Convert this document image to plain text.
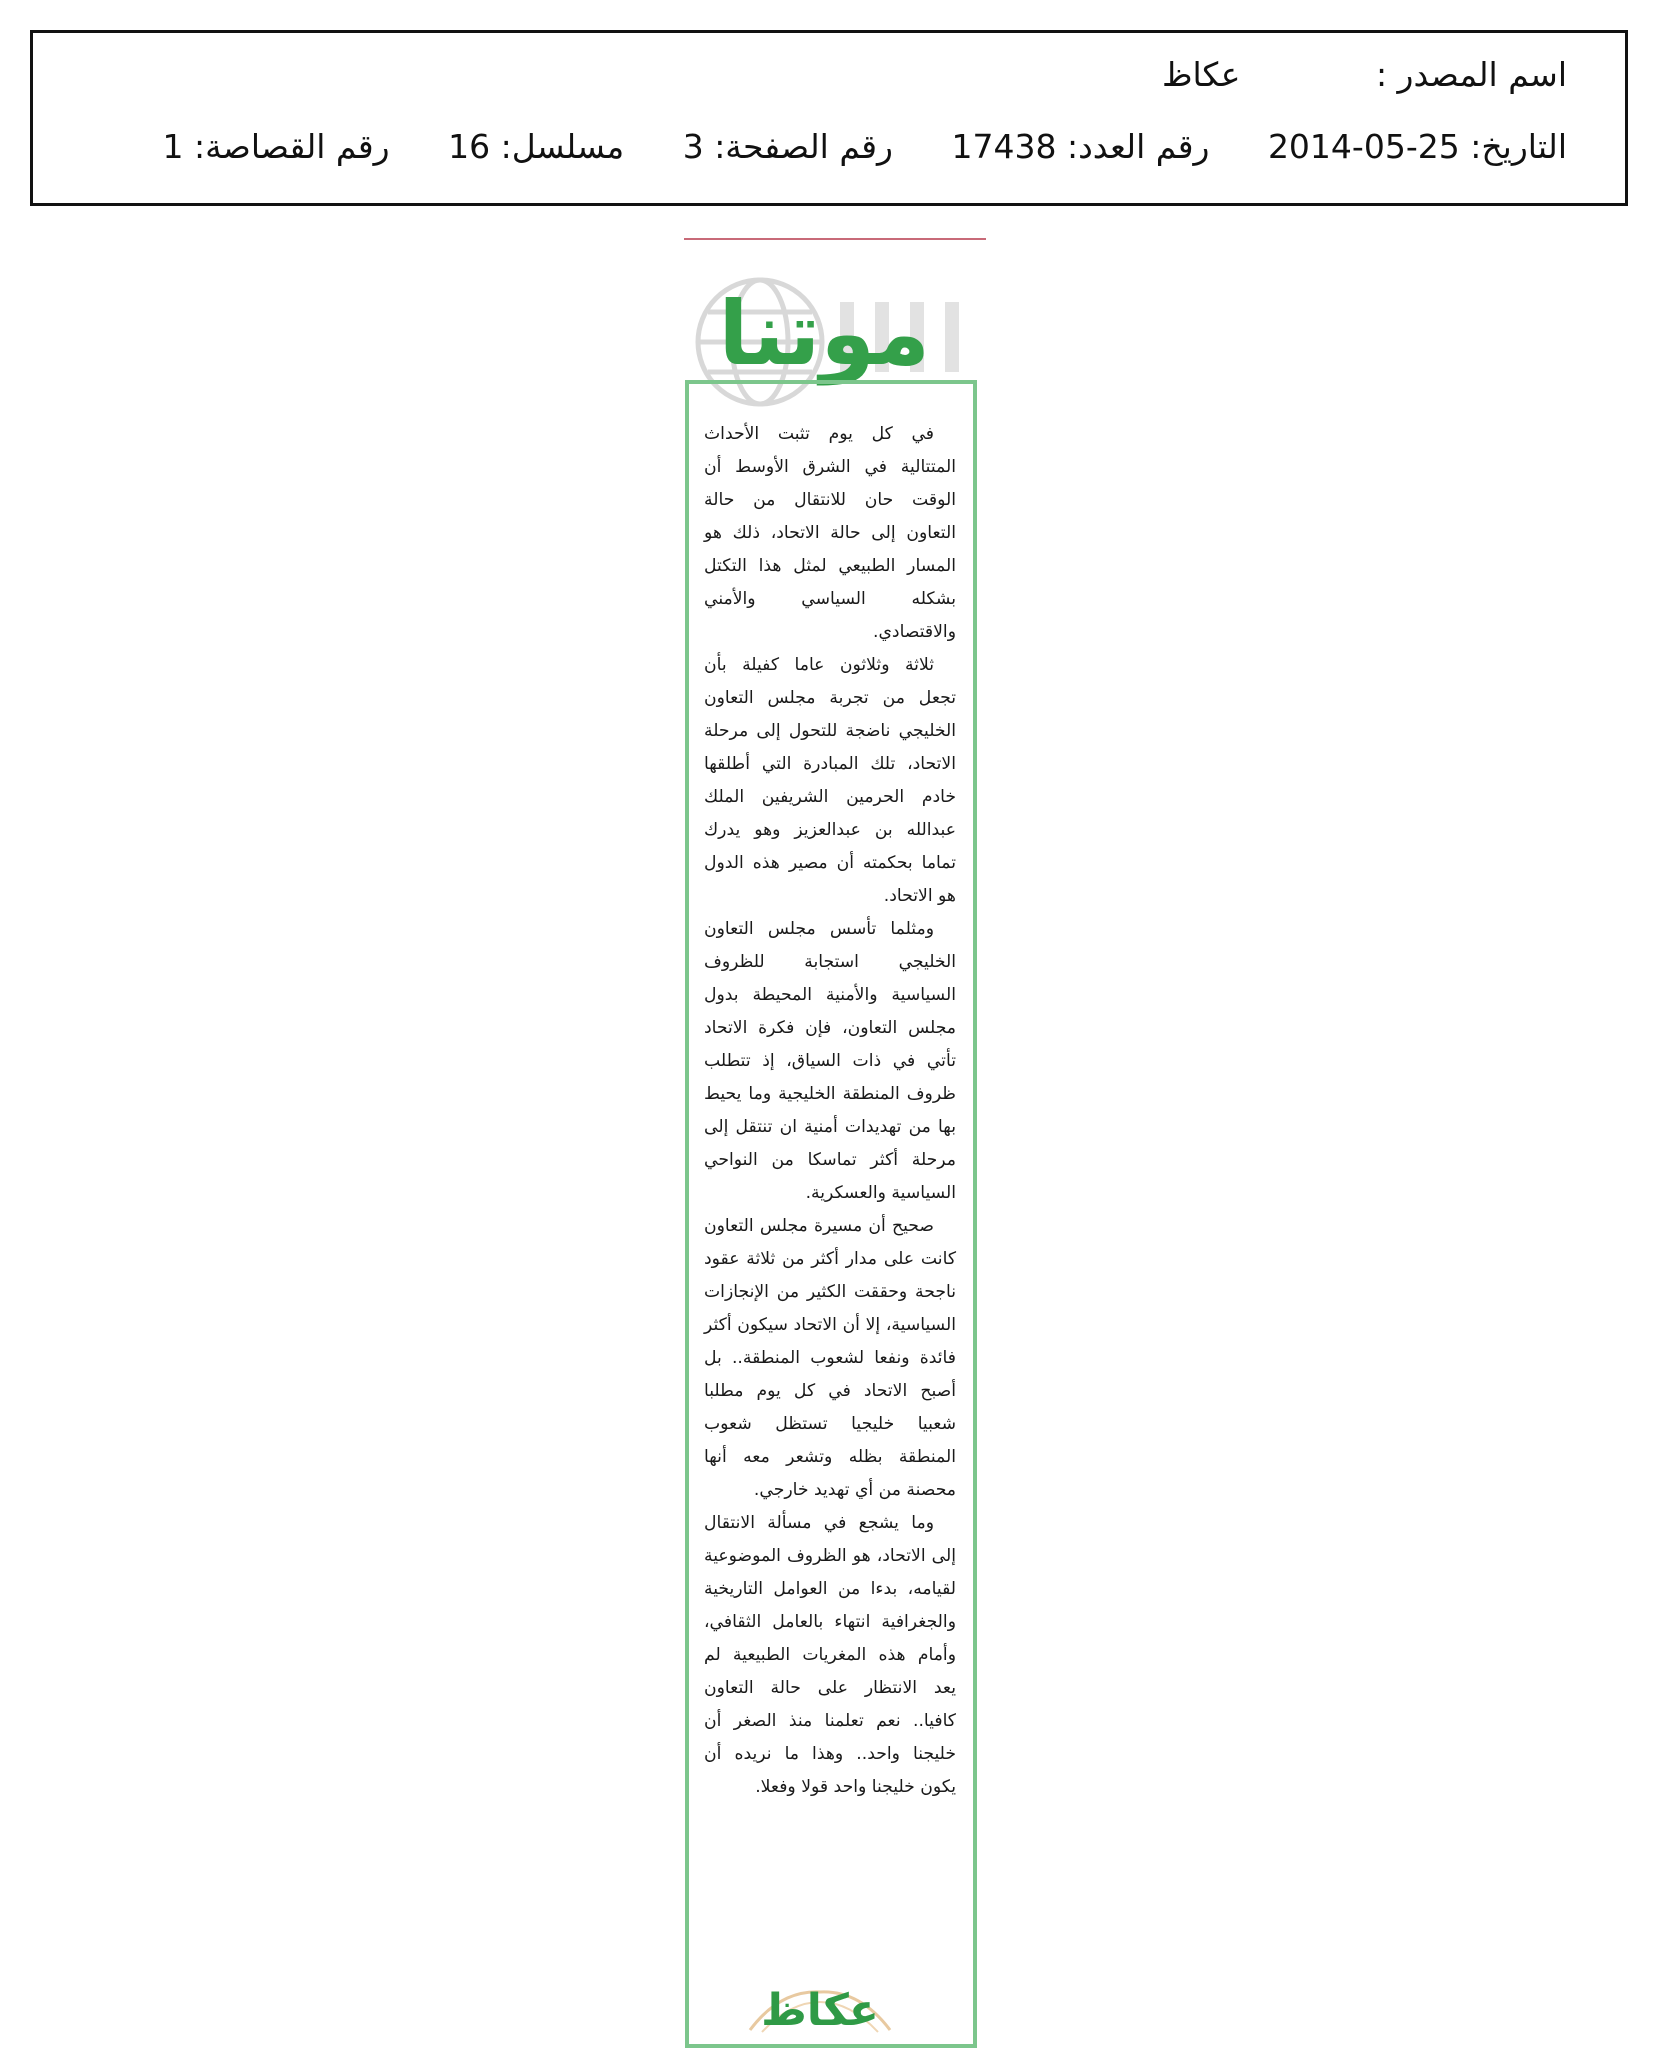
اسم المصدر : عكاظ
التاريخ: 2014-05-25 رقم العدد: 17438 رقم الصفحة: 3 مسلسل: 16 رقم القصاصة: 1
موتنا

في كل يوم تثبت الأحداث المتتالية في الشرق الأوسط أن الوقت حان للانتقال من حالة التعاون إلى حالة الاتحاد، ذلك هو المسار الطبيعي لمثل هذا التكتل بشكله السياسي والأمني والاقتصادي.

ثلاثة وثلاثون عاما كفيلة بأن تجعل من تجربة مجلس التعاون الخليجي ناضجة للتحول إلى مرحلة الاتحاد، تلك المبادرة التي أطلقها خادم الحرمين الشريفين الملك عبدالله بن عبدالعزيز وهو يدرك تماما بحكمته أن مصير هذه الدول هو الاتحاد.

ومثلما تأسس مجلس التعاون الخليجي استجابة للظروف السياسية والأمنية المحيطة بدول مجلس التعاون، فإن فكرة الاتحاد تأتي في ذات السياق، إذ تتطلب ظروف المنطقة الخليجية وما يحيط بها من تهديدات أمنية ان تنتقل إلى مرحلة أكثر تماسكا من النواحي السياسية والعسكرية.

صحيح أن مسيرة مجلس التعاون كانت على مدار أكثر من ثلاثة عقود ناجحة وحققت الكثير من الإنجازات السياسية، إلا أن الاتحاد سيكون أكثر فائدة ونفعا لشعوب المنطقة.. بل أصبح الاتحاد في كل يوم مطلبا شعبيا خليجيا تستظل شعوب المنطقة بظله وتشعر معه أنها محصنة من أي تهديد خارجي.

وما يشجع في مسألة الانتقال إلى الاتحاد، هو الظروف الموضوعية لقيامه، بدءا من العوامل التاريخية والجغرافية انتهاء بالعامل الثقافي، وأمام هذه المغريات الطبيعية لم يعد الانتظار على حالة التعاون كافيا.. نعم تعلمنا منذ الصغر أن خليجنا واحد.. وهذا ما نريده أن يكون خليجنا واحد قولا وفعلا.

عكاظ
